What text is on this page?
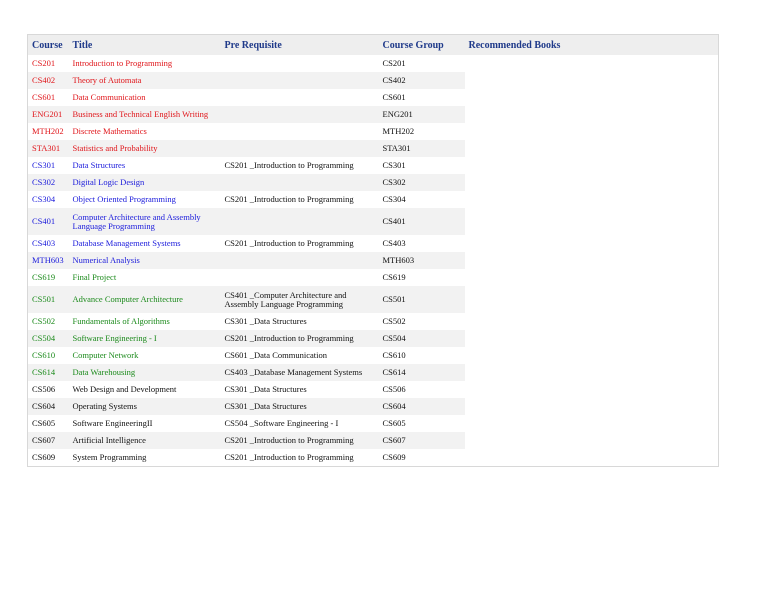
Course	Title	Pre Requisite	Course Group	Recommended Books
CS201	Introduction to Programming		CS201	
CS402	Theory of Automata		CS402	
CS601	Data Communication		CS601	
ENG201	Business and Technical English Writing		ENG201	
MTH202	Discrete Mathematics		MTH202	
STA301	Statistics and Probability		STA301	
CS301	Data Structures	CS201 _Introduction to Programming	CS301	
CS302	Digital Logic Design		CS302	
CS304	Object Oriented Programming	CS201 _Introduction to Programming	CS304	
CS401	Computer Architecture and Assembly Language Programming		CS401	
CS403	Database Management Systems	CS201 _Introduction to Programming	CS403	
MTH603	Numerical Analysis		MTH603	
CS619	Final Project		CS619	
CS501	Advance Computer Architecture	CS401 _Computer Architecture and Assembly Language Programming	CS501	
CS502	Fundamentals of Algorithms	CS301 _Data Structures	CS502	
CS504	Software Engineering - I	CS201 _Introduction to Programming	CS504	
CS610	Computer Network	CS601 _Data Communication	CS610	
CS614	Data Warehousing	CS403 _Database Management Systems	CS614	
CS506	Web Design and Development	CS301 _Data Structures	CS506	
CS604	Operating Systems	CS301 _Data Structures	CS604	
CS605	Software EngineeringII	CS504 _Software Engineering - I	CS605	
CS607	Artificial Intelligence	CS201 _Introduction to Programming	CS607	
CS609	System Programming	CS201 _Introduction to Programming	CS609	
